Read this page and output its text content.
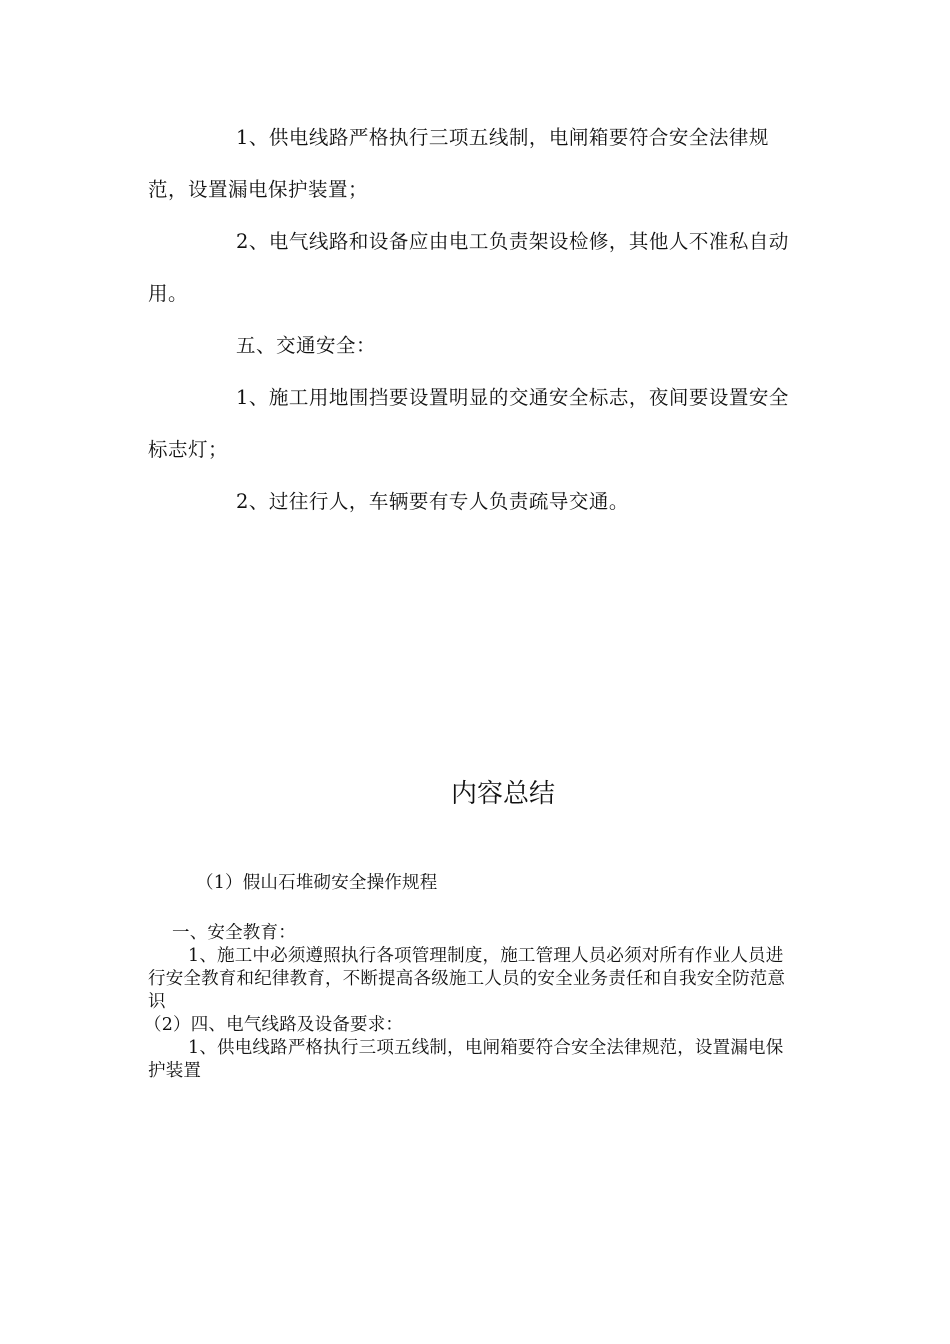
1、供电线路严格执行三项五线制，电闸箱要符合安全法律规范，设置漏电保护装置；

2、电气线路和设备应由电工负责架设检修，其他人不准私自动用。

五、交通安全：

1、施工用地围挡要设置明显的交通安全标志，夜间要设置安全标志灯；

2、过往行人，车辆要有专人负责疏导交通。

内容总结

（1）假山石堆砌安全操作规程

一、安全教育：

1、施工中必须遵照执行各项管理制度，施工管理人员必须对所有作业人员进行安全教育和纪律教育，不断提高各级施工人员的安全业务责任和自我安全防范意识

（2）四、电气线路及设备要求：

1、供电线路严格执行三项五线制，电闸箱要符合安全法律规范，设置漏电保护装置
